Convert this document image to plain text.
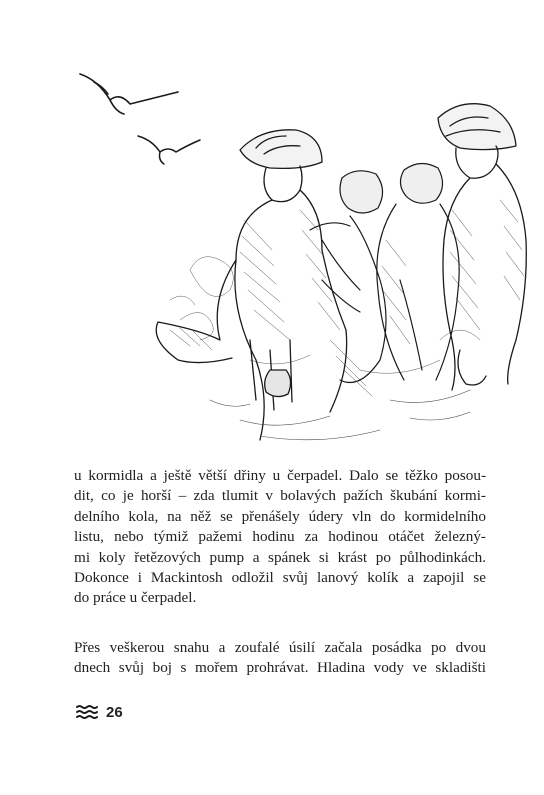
u kormidla a ještě větší dřiny u čerpadel. Dalo se těžko posou-
dit, co je horší – zda tlumit v bolavých pažích škubání kormi-
delního kola, na něž se přenášely údery vln do kormidelního
listu, nebo týmiž pažemi hodinu za hodinou otáčet železný-
mi koly řetězových pump a spánek si krást po půlhodinkách.
Dokonce i Mackintosh odložil svůj lanový kolík a zapojil se
do práce u čerpadel.
Přes veškerou snahu a zoufalé úsilí začala posádka po dvou
dnech svůj boj s mořem prohrávat. Hladina vody ve skladišti
26
